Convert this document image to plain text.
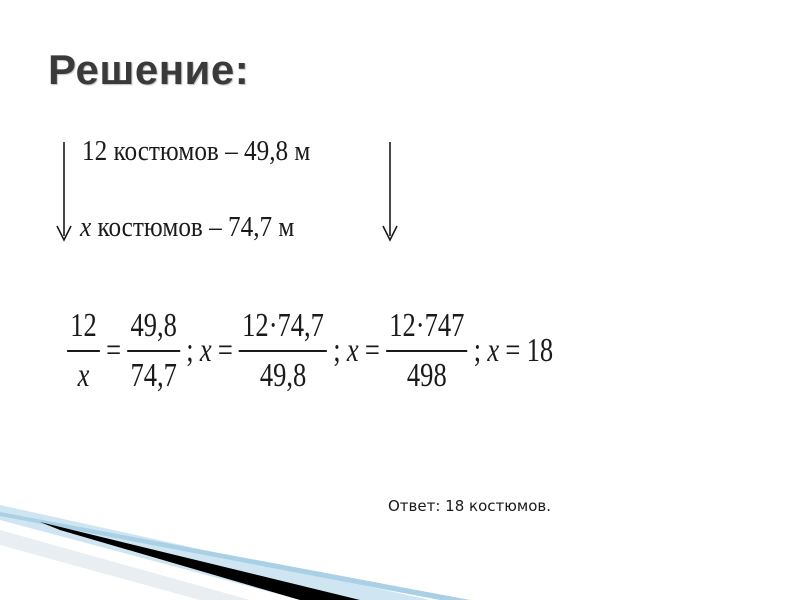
Решение:
12 костюмов – 49,8 м
x костюмов – 74,7 м
$\frac{12}{x} = \frac{49,8}{74,7}$ ; $x = \frac{12\cdot 74,7}{49,8}$ ; $x = \frac{12\cdot 747}{498}$ ; x = 18
Ответ: 18 костюмов.
